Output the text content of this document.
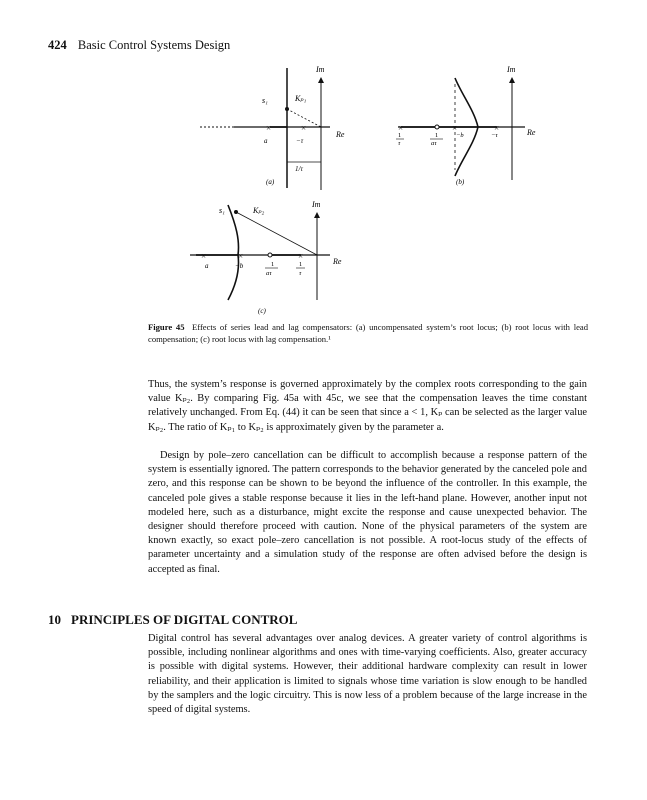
424 Basic Control Systems Design
×	×
Im
Re
s₁	Kₚ₁
a	−τ
1/τ
(a)
×	×	×
Im
Re
1
τ
1
aτ
−b	−τ
(b)
×	×	×
Im
Re
s₁	Kₚ₂
a	−b	1
aτ
1
τ
(c)
Figure 45 Effects of series lead and lag compensators: (a) uncompensated system’s root locus; (b) root locus with lead compensation; (c) root locus with lag compensation.¹

Thus, the system’s response is governed approximately by the complex roots corresponding to the gain value Kₚ₂. By comparing Fig. 45a with 45c, we see that the compensation leaves the time constant relatively unchanged. From Eq. (44) it can be seen that since a < 1, Kₚ can be selected as the larger value Kₚ₂. The ratio of Kₚ₁ to Kₚ₂ is approximately given by the parameter a.

Design by pole–zero cancellation can be difficult to accomplish because a response pattern of the system is essentially ignored. The pattern corresponds to the behavior generated by the canceled pole and zero, and this response can be shown to be beyond the influence of the controller. In this example, the canceled pole gives a stable response because it lies in the left-hand plane. However, another input not modeled here, such as a disturbance, might excite the response and cause unexpected behavior. The designer should therefore proceed with caution. None of the physical parameters of the system are known exactly, so exact pole–zero cancellation is not possible. A root-locus study of the effects of parameter uncertainty and a simulation study of the response are often advised before the design is accepted as final.

10 PRINCIPLES OF DIGITAL CONTROL

Digital control has several advantages over analog devices. A greater variety of control algorithms is possible, including nonlinear algorithms and ones with time-varying coefficients. Also, greater accuracy is possible with digital systems. However, their additional hardware complexity can result in lower reliability, and their application is limited to signals whose time variation is slow enough to be handled by the samplers and the logic circuitry. This is now less of a problem because of the large increase in the speed of digital systems.
